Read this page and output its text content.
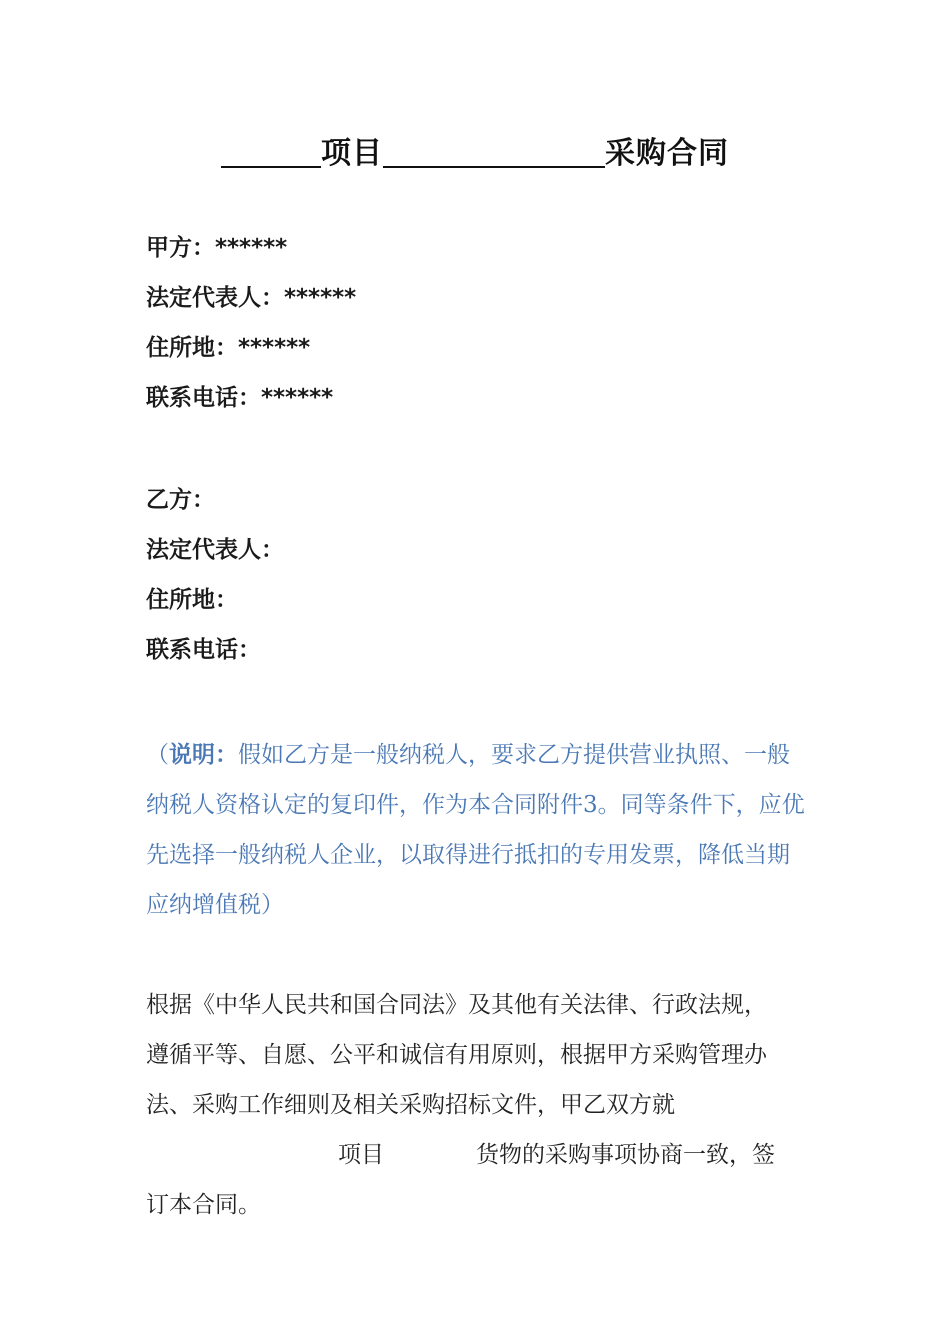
项目	采购合同
甲方：******
法定代表人：******
住所地：******
联系电话：******
乙方：
法定代表人：
住所地：
联系电话：
（说明：假如乙方是一般纳税人，要求乙方提供营业执照、一般纳税人资格认定的复印件，作为本合同附件3。同等条件下，应优先选择一般纳税人企业，以取得进行抵扣的专用发票，降低当期应纳增值税）
根据《中华人民共和国合同法》及其他有关法律、行政法规，遵循平等、自愿、公平和诚信有用原则，根据甲方采购管理办法、采购工作细则及相关采购招标文件，甲乙双方就项目	货物的采购事项协商一致，签订本合同。
